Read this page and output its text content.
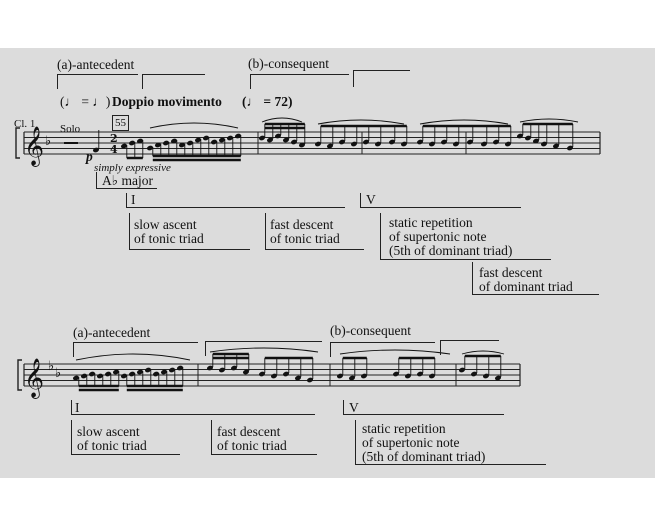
𝄞 ♭	2
4
𝄞 ♭ ♭
(a)-antecedent	(b)-consequent
(♩ = ♩) Doppio movimento (♩ = 72)
Cl. 1 Solo	55
p
simply expressive
A♭ major
I	V
slow ascent
of tonic triad
fast descent
of tonic triad
static repetition
of supertonic note
(5th of dominant triad)
fast descent
of dominant triad
(a)-antecedent	(b)-consequent
I	V
slow ascent
of tonic triad
fast descent
of tonic triad
static repetition
of supertonic note
(5th of dominant triad)
